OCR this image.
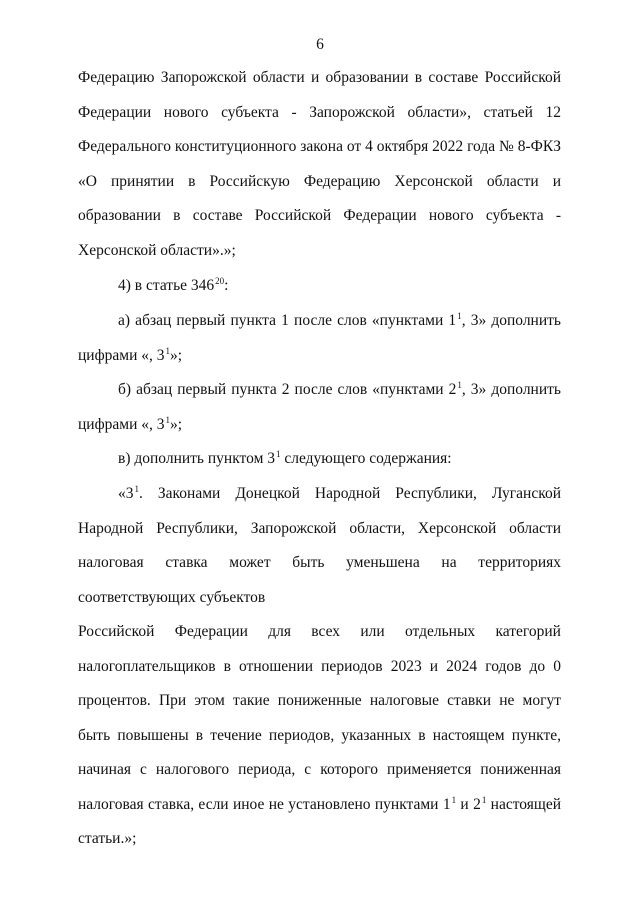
6

Федерацию Запорожской области и образовании в составе Российской Федерации нового субъекта - Запорожской области», статьей 12 Федерального конституционного закона от 4 октября 2022 года № 8-ФКЗ «О принятии в Российскую Федерацию Херсонской области и образовании в составе Российской Федерации нового субъекта - Херсонской области».»;

4) в статье $346^{20}$:

а) абзац первый пункта 1 после слов «пунктами $1^1$, 3» дополнить цифрами «, $3^1$»;

б) абзац первый пункта 2 после слов «пунктами $2^1$, 3» дополнить цифрами «, $3^1$»;

в) дополнить пунктом $3^1$ следующего содержания:

«$3^1$. Законами Донецкой Народной Республики, Луганской Народной Республики, Запорожской области, Херсонской области налоговая ставка может быть уменьшена на территориях соответствующих субъектов

Российской Федерации для всех или отдельных категорий

налогоплательщиков в отношении периодов 2023 и 2024 годов до 0 процентов. При этом такие пониженные налоговые ставки не могут быть повышены в течение периодов, указанных в настоящем пункте, начиная с налогового периода, с которого применяется пониженная налоговая ставка, если иное не установлено пунктами $1^1$ и $2^1$ настоящей статьи.»;
